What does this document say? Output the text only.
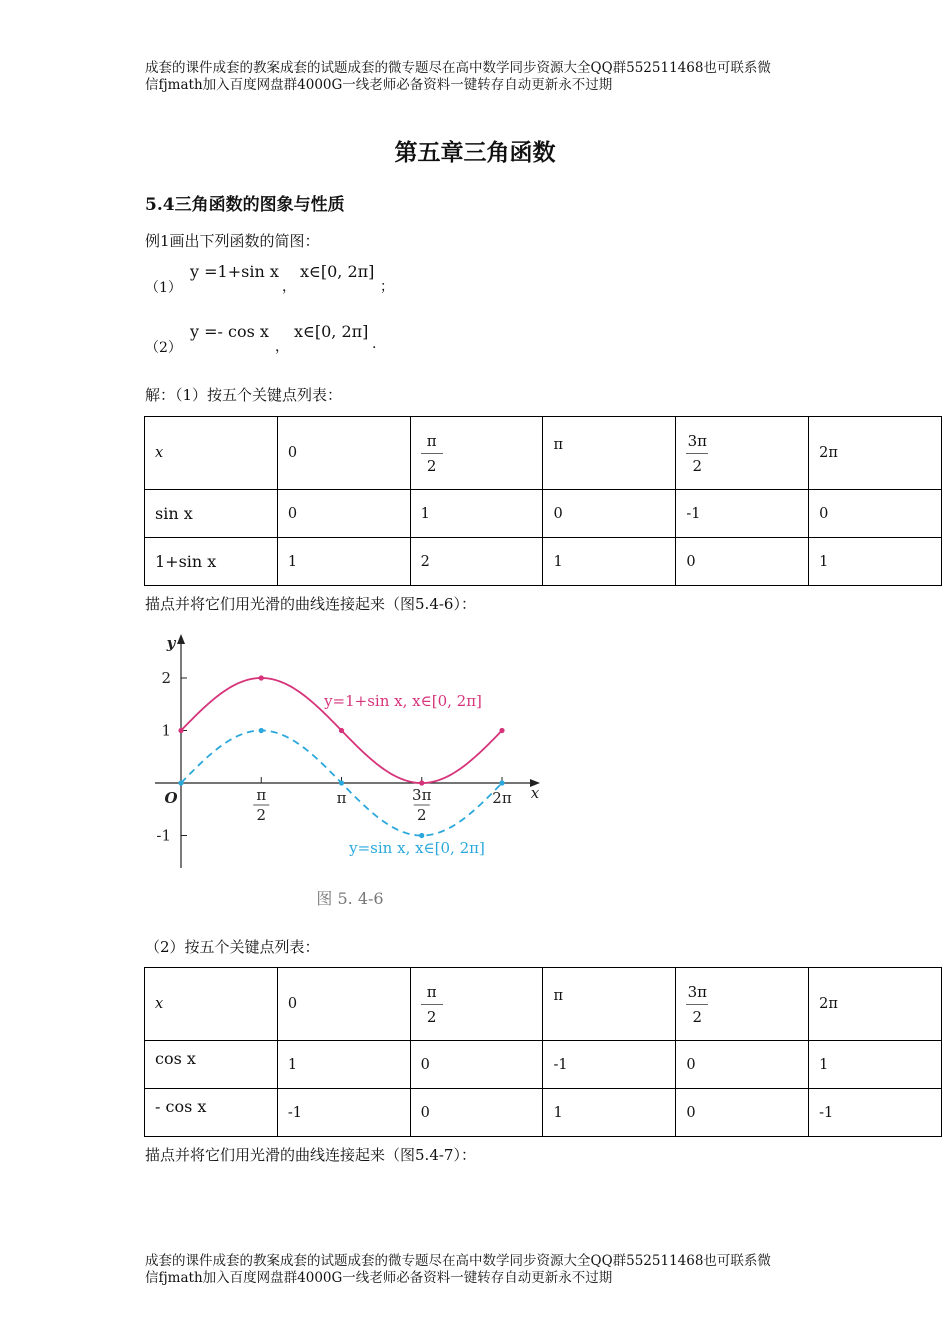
成套的课件成套的教案成套的试题成套的微专题尽在高中数学同步资源大全QQ群552511468也可联系微
信fjmath加入百度网盘群4000G一线老师必备资料一键转存自动更新永不过期
第五章三角函数
5.4三角函数的图象与性质
例1画出下列函数的简图：
（1）
y =1+sin x
，
x∈[0, 2π]
；
（2）
y =- cos x
，
x∈[0, 2π]
.
解：（1）按五个关键点列表：
x	0	$\frac{\pi}{2}$	π	$\frac{3\pi}{2}$	2π
sin x	0	1	0	-1	0
1+sin x	1	2	1	0	1
描点并将它们用光滑的曲线连接起来（图5.4-6）：
2
1
-1
π
2
π	3π
2
2π
O	x
y
y=1+sin x, x∈[0, 2π]
y=sin x, x∈[0, 2π]
图 5. 4-6
（2）按五个关键点列表：
x	0	$\frac{\pi}{2}$	π	$\frac{3\pi}{2}$	2π
cos x	1	0	-1	0	1
- cos x	-1	0	1	0	-1
描点并将它们用光滑的曲线连接起来（图5.4-7）：
成套的课件成套的教案成套的试题成套的微专题尽在高中数学同步资源大全QQ群552511468也可联系微
信fjmath加入百度网盘群4000G一线老师必备资料一键转存自动更新永不过期
